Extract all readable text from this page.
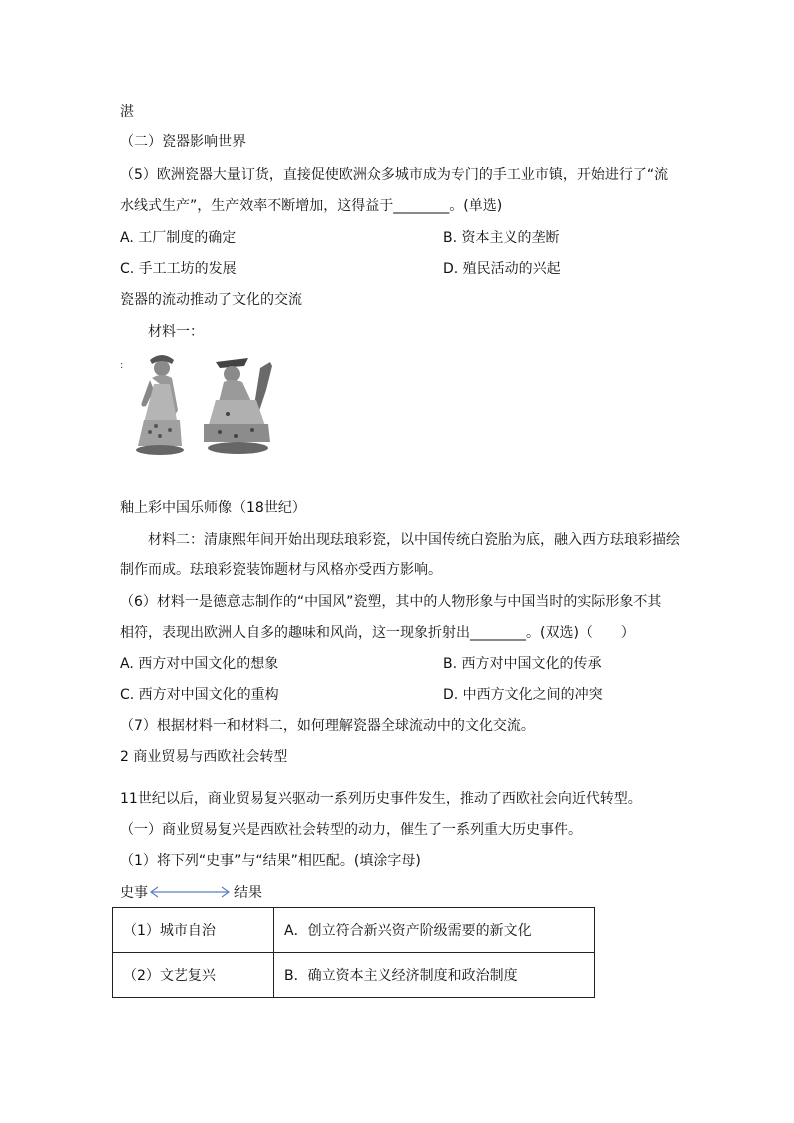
湛
（二）瓷器影响世界
（5）欧洲瓷器大量订货，直接促使欧洲众多城市成为专门的手工业市镇，开始进行了“流
水线式生产”，生产效率不断增加，这得益于________。(单选)
A. 工厂制度的确定	B. 资本主义的垄断
C. 手工工坊的发展	D. 殖民活动的兴起
瓷器的流动推动了文化的交流
材料一：
:
釉上彩中国乐师像（18世纪）
材料二：清康熙年间开始出现珐琅彩瓷，以中国传统白瓷胎为底，融入西方珐琅彩描绘
制作而成。珐琅彩瓷装饰题材与风格亦受西方影响。
（6）材料一是德意志制作的“中国风”瓷塑，其中的人物形象与中国当时的实际形象不其
相符，表现出欧洲人自多的趣味和风尚，这一现象折射出________。(双选)（　　）
A. 西方对中国文化的想象	B. 西方对中国文化的传承
C. 西方对中国文化的重构	D. 中西方文化之间的冲突
（7）根据材料一和材料二，如何理解瓷器全球流动中的文化交流。
2 商业贸易与西欧社会转型
11世纪以后，商业贸易复兴驱动一系列历史事件发生，推动了西欧社会向近代转型。
（一）商业贸易复兴是西欧社会转型的动力，催生了一系列重大历史事件。
（1）将下列“史事”与“结果”相匹配。(填涂字母)
史事	结果
（1）城市自治	A．创立符合新兴资产阶级需要的新文化
（2）文艺复兴	B．确立资本主义经济制度和政治制度
